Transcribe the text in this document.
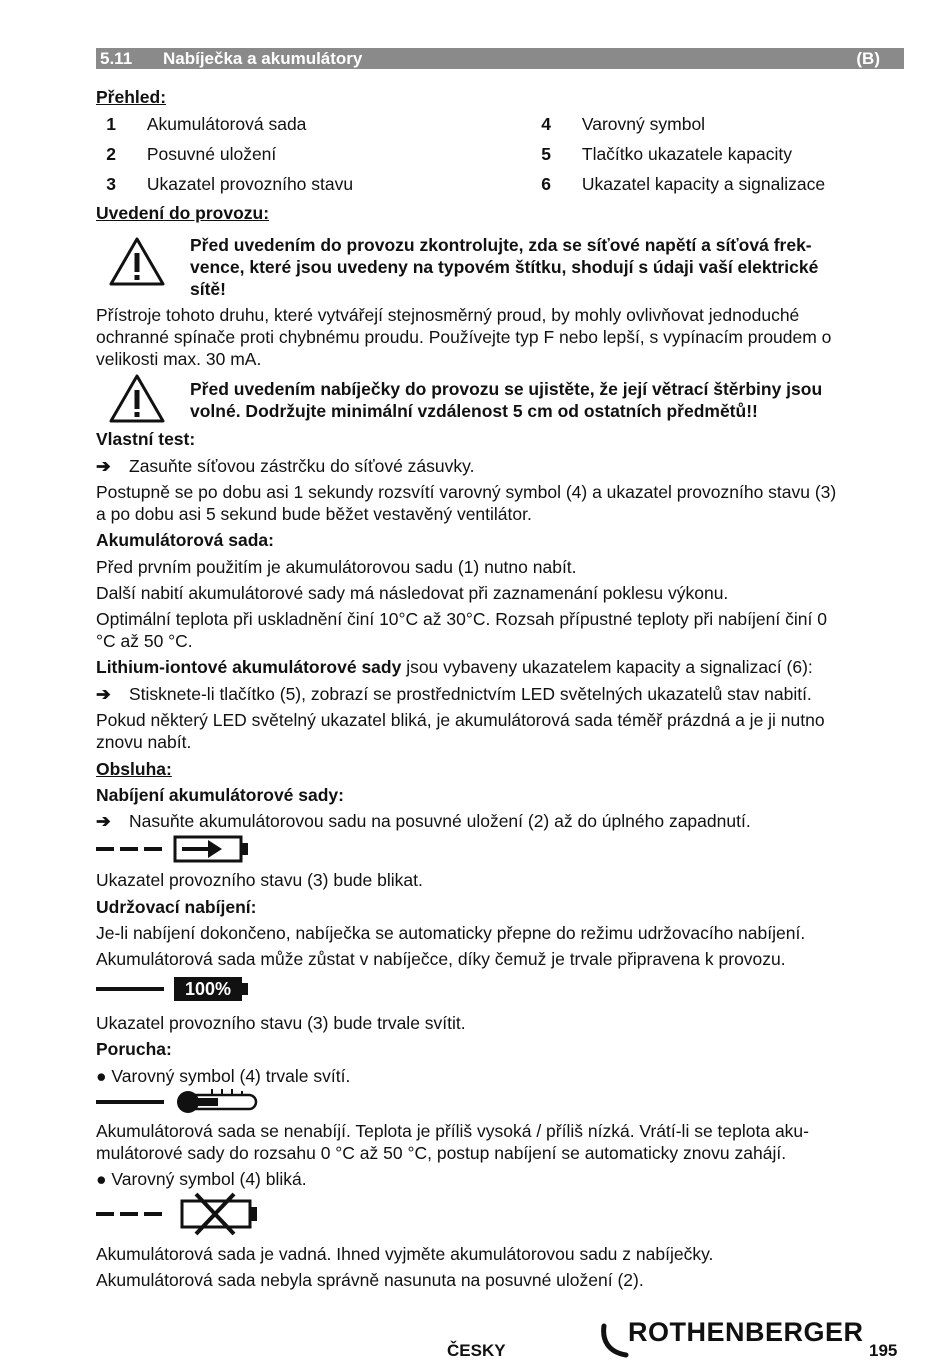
5.11 Nabíječka a akumulátory	(B)
Přehled:
1 Akumulátorová sada
2 Posuvné uložení
3 Ukazatel provozního stavu
4 Varovný symbol
5 Tlačítko ukazatele kapacity
6 Ukazatel kapacity a signalizace
Uvedení do provozu:
Před uvedením do provozu zkontrolujte, zda se síťové napětí a síťová frek-
vence, které jsou uvedeny na typovém štítku, shodují s údaji vaší elektrické
sítě!
Přístroje tohoto druhu, které vytvářejí stejnosměrný proud, by mohly ovlivňovat jednoduché
ochranné spínače proti chybnému proudu. Používejte typ F nebo lepší, s vypínacím proudem o
velikosti max. 30 mA.
Před uvedením nabíječky do provozu se ujistěte, že její větrací štěrbiny jsou
volné. Dodržujte minimální vzdálenost 5 cm od ostatních předmětů!!
Vlastní test:
➔ Zasuňte síťovou zástrčku do síťové zásuvky.
Postupně se po dobu asi 1 sekundy rozsvítí varovný symbol (4) a ukazatel provozního stavu (3)
a po dobu asi 5 sekund bude běžet vestavěný ventilátor.
Akumulátorová sada:
Před prvním použitím je akumulátorovou sadu (1) nutno nabít.
Další nabití akumulátorové sady má následovat při zaznamenání poklesu výkonu.
Optimální teplota při uskladnění činí 10°C až 30°C. Rozsah přípustné teploty při nabíjení činí 0
°C až 50 °C.
Lithium-iontové akumulátorové sady jsou vybaveny ukazatelem kapacity a signalizací (6):
➔ Stisknete-li tlačítko (5), zobrazí se prostřednictvím LED světelných ukazatelů stav nabití.
Pokud některý LED světelný ukazatel bliká, je akumulátorová sada téměř prázdná a je ji nutno
znovu nabít.
Obsluha:
Nabíjení akumulátorové sady:
➔ Nasuňte akumulátorovou sadu na posuvné uložení (2) až do úplného zapadnutí.
Ukazatel provozního stavu (3) bude blikat.
Udržovací nabíjení:
Je-li nabíjení dokončeno, nabíječka se automaticky přepne do režimu udržovacího nabíjení.
Akumulátorová sada může zůstat v nabíječce, díky čemuž je trvale připravena k provozu.
100%
Ukazatel provozního stavu (3) bude trvale svítit.
Porucha:
● Varovný symbol (4) trvale svítí.
Akumulátorová sada se nenabíjí. Teplota je příliš vysoká / příliš nízká. Vrátí-li se teplota aku-
mulátorové sady do rozsahu 0 °C až 50 °C, postup nabíjení se automaticky znovu zahájí.
● Varovný symbol (4) bliká.
Akumulátorová sada je vadná. Ihned vyjměte akumulátorovou sadu z nabíječky.
Akumulátorová sada nebyla správně nasunuta na posuvné uložení (2).
ČESKY
ROTHENBERGER
195
